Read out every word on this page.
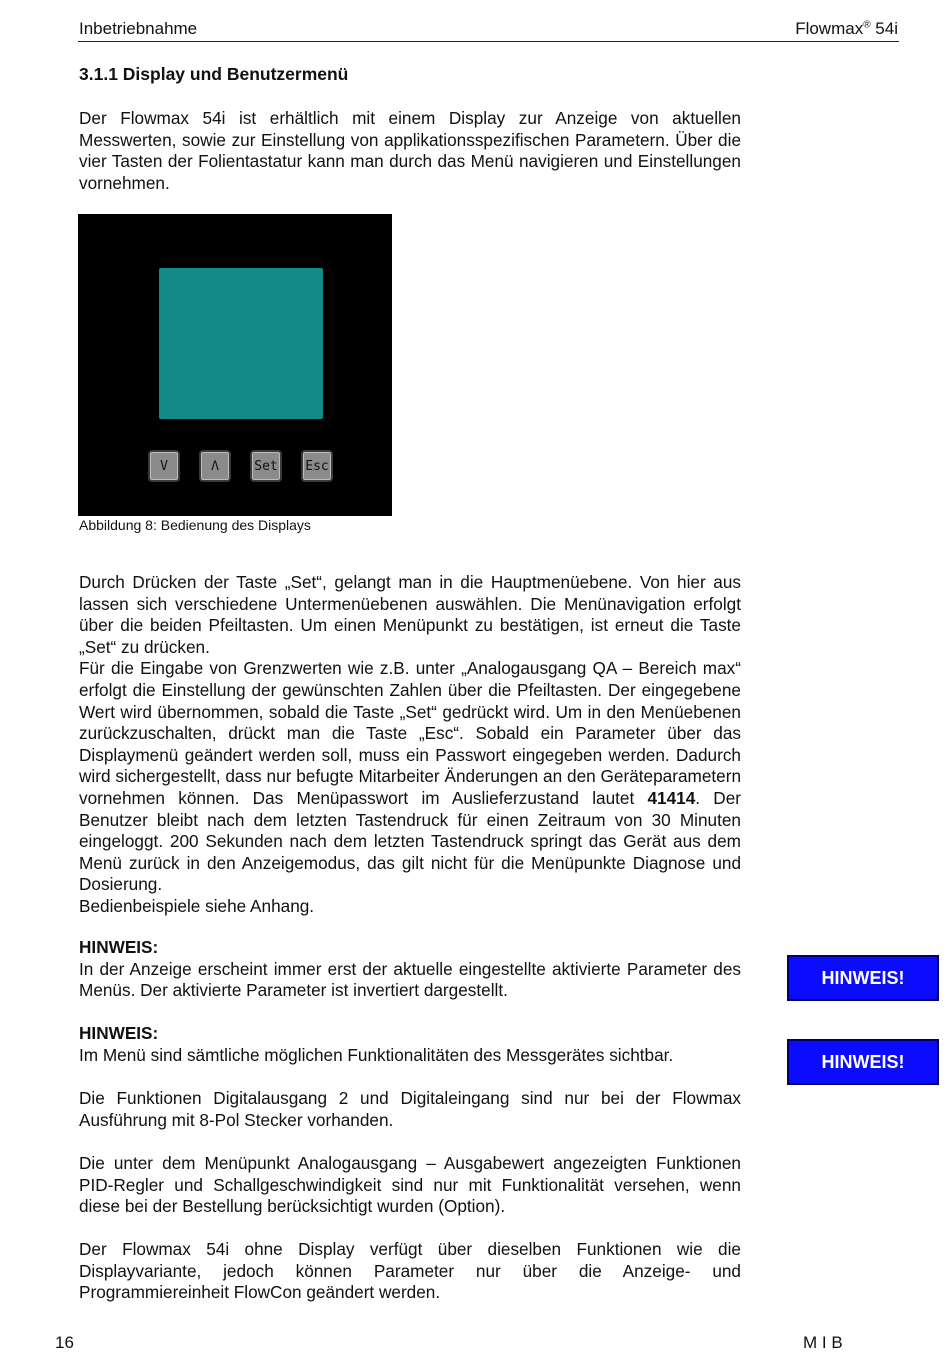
Inbetriebnahme	Flowmax® 54i
3.1.1 Display und Benutzermenü

Der Flowmax 54i ist erhältlich mit einem Display zur Anzeige von aktuellen Messwerten, sowie zur Einstellung von applikationsspezifischen Parametern. Über die vier Tasten der Folientastatur kann man durch das Menü navigieren und Einstellungen vornehmen.

V	Λ	Set	Esc
Abbildung 8: Bedienung des Displays

Durch Drücken der Taste „Set“, gelangt man in die Hauptmenüebene. Von hier aus lassen sich verschiedene Untermenüebenen auswählen. Die Menünavigation erfolgt über die beiden Pfeiltasten. Um einen Menüpunkt zu bestätigen, ist erneut die Taste „Set“ zu drücken.

Für die Eingabe von Grenzwerten wie z.B. unter „Analogausgang QA – Bereich max“ erfolgt die Einstellung der gewünschten Zahlen über die Pfeiltasten. Der eingegebene Wert wird übernommen, sobald die Taste „Set“ gedrückt wird. Um in den Menüebenen zurückzuschalten, drückt man die Taste „Esc“. Sobald ein Parameter über das Displaymenü geändert werden soll, muss ein Passwort eingegeben werden. Dadurch wird sichergestellt, dass nur befugte Mitarbeiter Änderungen an den Geräteparametern vornehmen können. Das Menüpasswort im Auslieferzustand lautet 41414. Der Benutzer bleibt nach dem letzten Tastendruck für einen Zeitraum von 30 Minuten eingeloggt. 200 Sekunden nach dem letzten Tastendruck springt das Gerät aus dem Menü zurück in den Anzeigemodus, das gilt nicht für die Menüpunkte Diagnose und Dosierung.

Bedienbeispiele siehe Anhang.

HINWEIS:

In der Anzeige erscheint immer erst der aktuelle eingestellte aktivierte Parameter des Menüs. Der aktivierte Parameter ist invertiert dargestellt.

HINWEIS!

HINWEIS:

Im Menü sind sämtliche möglichen Funktionalitäten des Messgerätes sichtbar.	HINWEIS!
Die Funktionen Digitalausgang 2 und Digitaleingang sind nur bei der Flowmax Ausführung mit 8-Pol Stecker vorhanden.
Die unter dem Menüpunkt Analogausgang – Ausgabewert angezeigten Funktionen PID-Regler und Schallgeschwindigkeit sind nur mit Funktionalität versehen, wenn diese bei der Bestellung berücksichtigt wurden (Option).
Der Flowmax 54i ohne Display verfügt über dieselben Funktionen wie die Displayvariante, jedoch können Parameter nur über die Anzeige- und Programmiereinheit FlowCon geändert werden.
16	M I B
